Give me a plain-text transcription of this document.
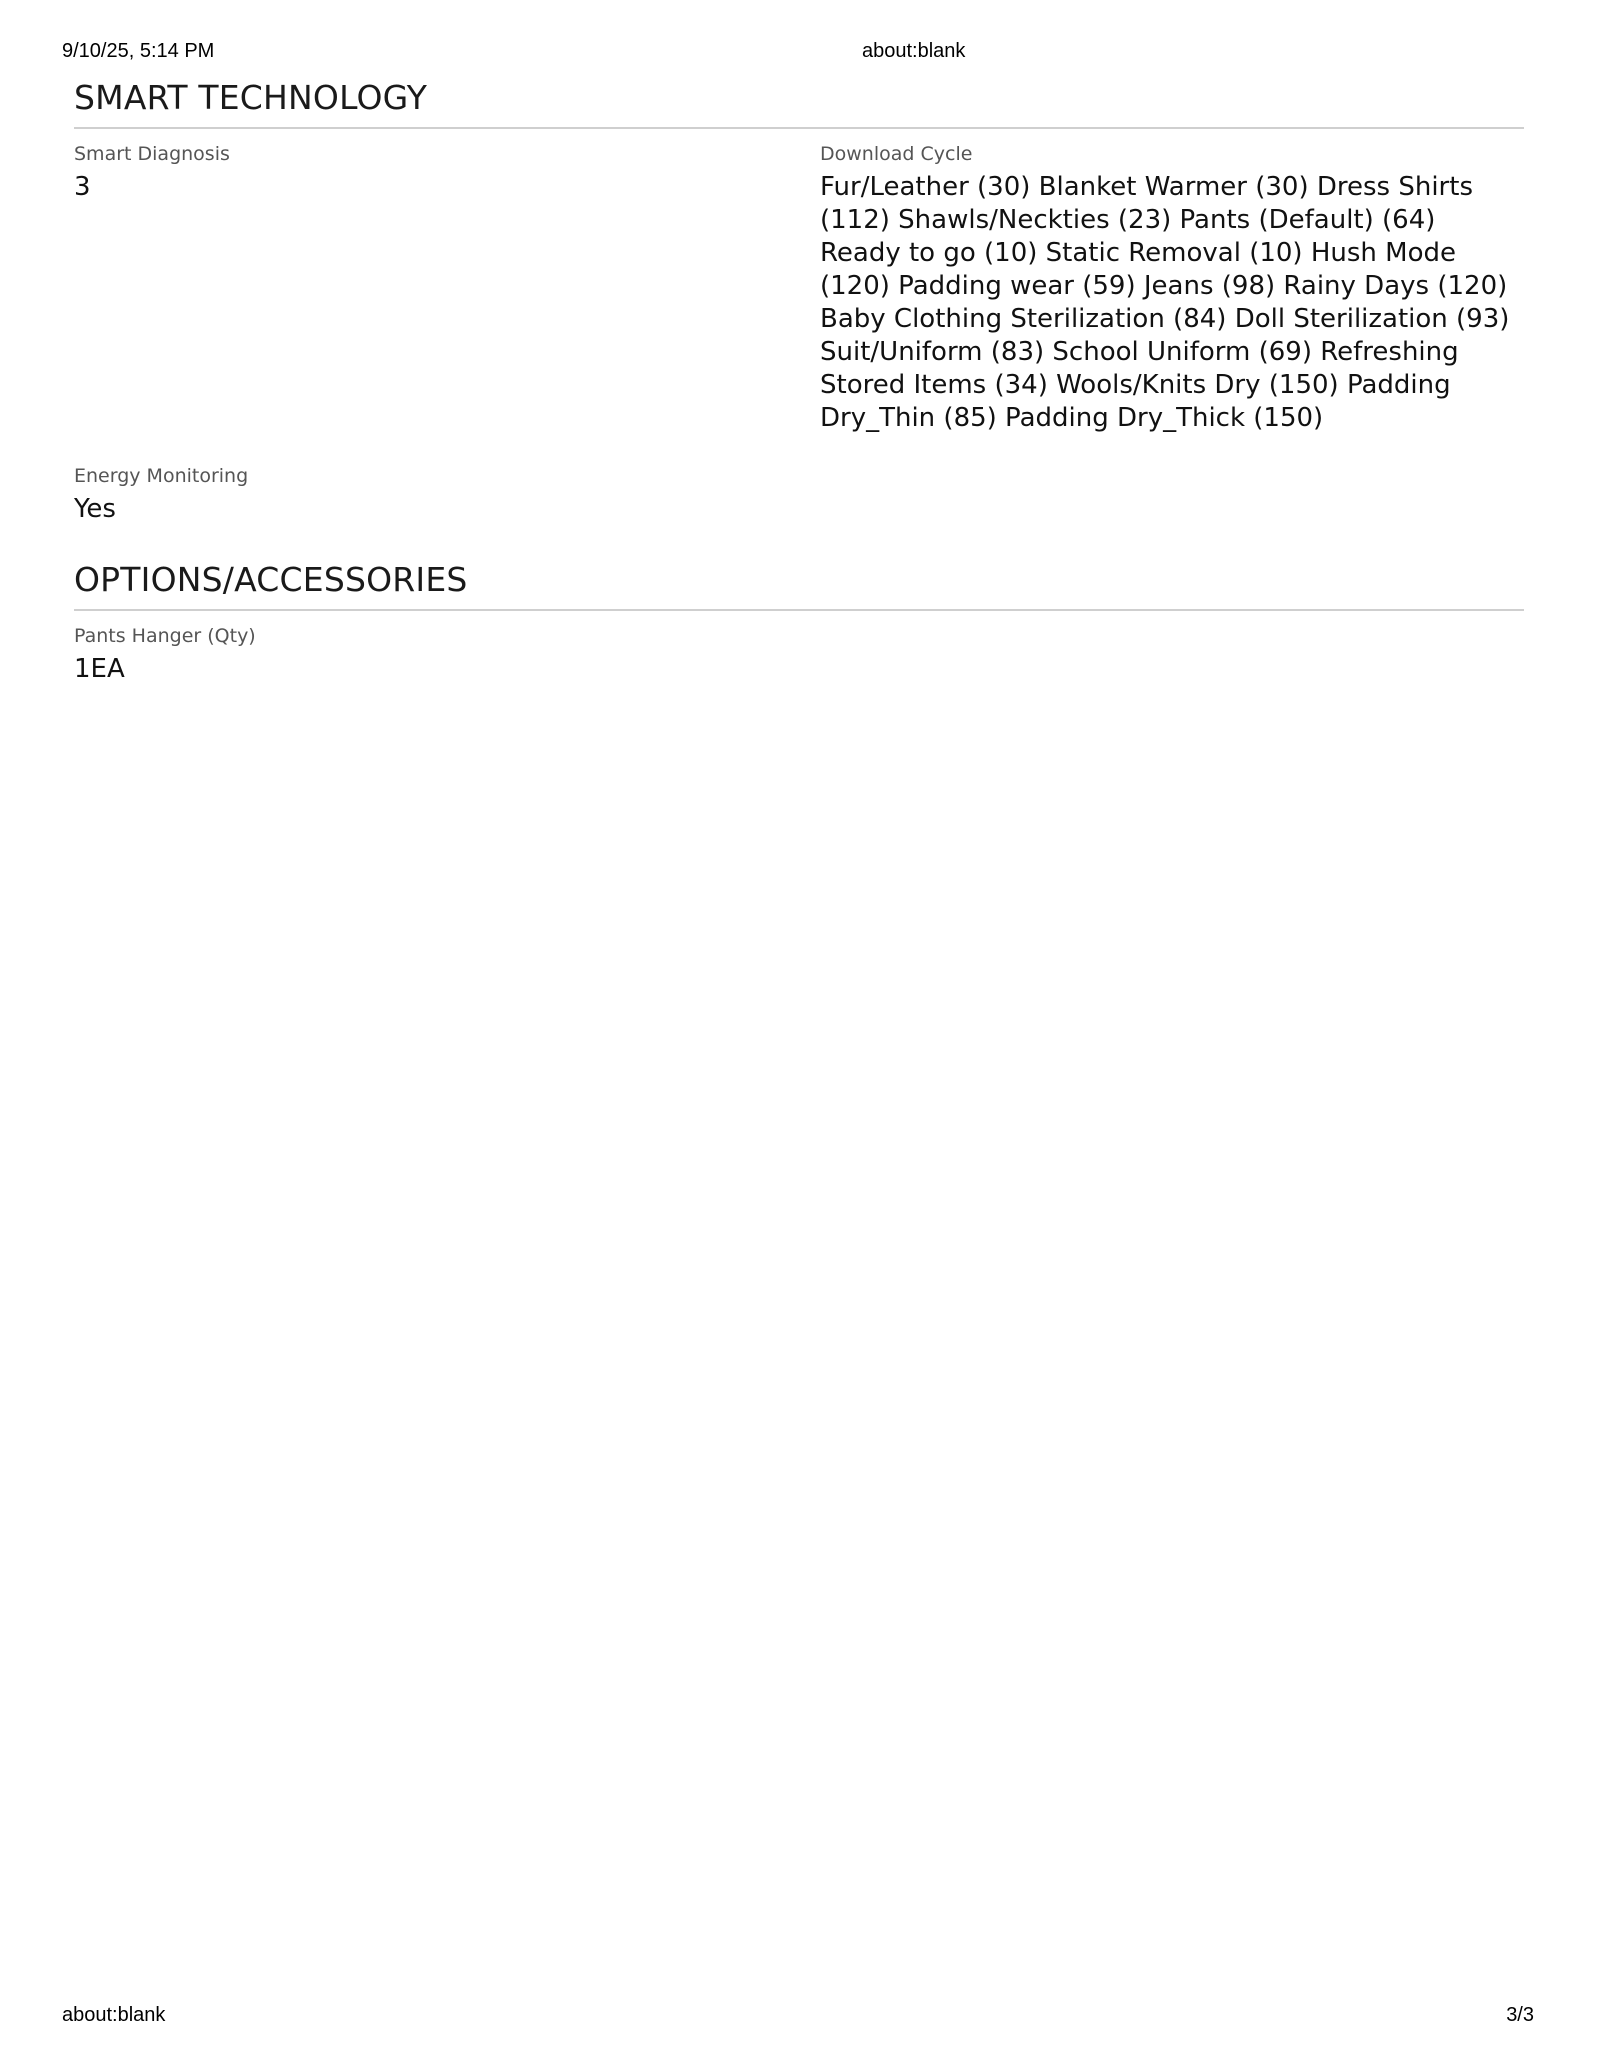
9/10/25, 5:14 PM	about:blank
SMART TECHNOLOGY
Smart Diagnosis
3
Download Cycle
Fur/Leather (30) Blanket Warmer (30) Dress Shirts (112) Shawls/Neckties (23) Pants (Default) (64) Ready to go (10) Static Removal (10) Hush Mode (120) Padding wear (59) Jeans (98) Rainy Days (120) Baby Clothing Sterilization (84) Doll Sterilization (93) Suit/Uniform (83) School Uniform (69) Refreshing Stored Items (34) Wools/Knits Dry (150) Padding Dry_Thin (85) Padding Dry_Thick (150)
Energy Monitoring
Yes
OPTIONS/ACCESSORIES
Pants Hanger (Qty)
1EA
about:blank	3/3
